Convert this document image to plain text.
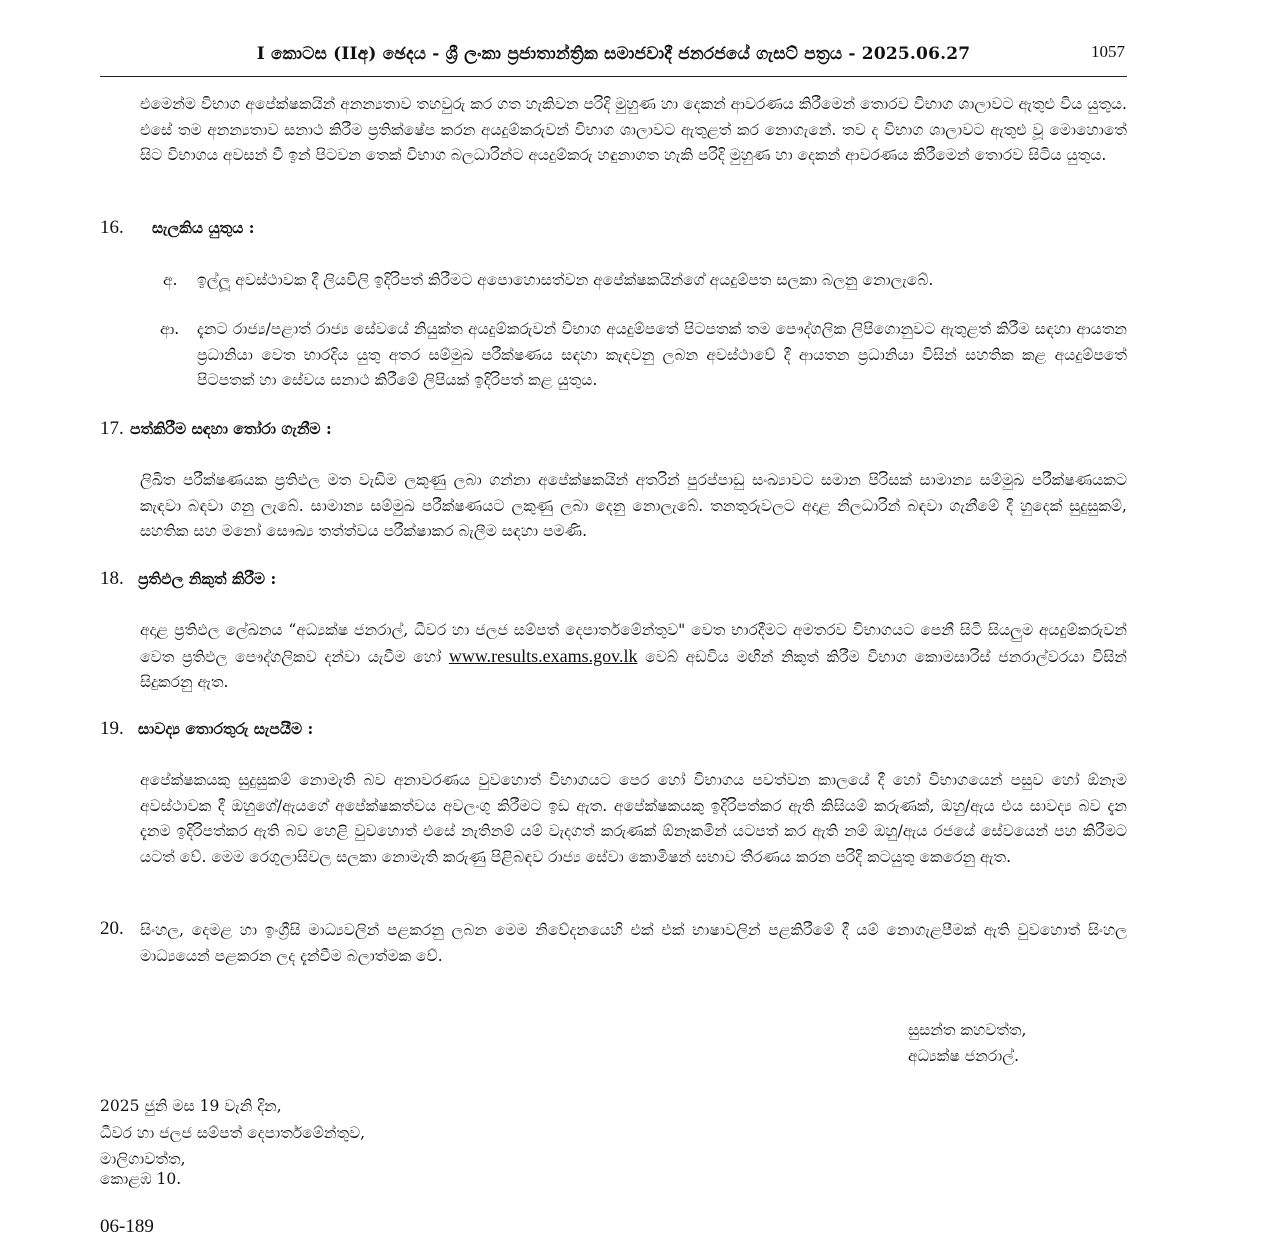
I කොටස (IIඅ) ඡෙදය - ශ්‍රී ලංකා ප්‍රජාතාන්ත්‍රික සමාජවාදී ජනරජයේ ගැසට් පත්‍රය - 2025.06.27	1057

එමෙන්ම විභාග අපේක්ෂකයින් අනන්‍යතාව තහවුරු කර ගත හැකිවන පරිදි මුහුණ හා දෙකන් ආවරණය කිරීමෙන් තොරව විභාග ශාලාවට ඇතුළු විය යුතුය. එසේ තම අනන්‍යතාව සනාථ කිරීම ප්‍රතික්ෂේප කරන අයදුම්කරුවන් විභාග ශාලාවට ඇතුළත් කර නොගැනේ. තව ද විභාග ශාලාවට ඇතුළු වූ මොහොතේ සිට විභාගය අවසන් වී ඉන් පිටවන තෙක් විභාග බලධාරින්ට අයදුම්කරු හඳුනාගත හැකි පරිදි මුහුණ හා දෙකන් ආවරණය කිරීමෙන් තොරව සිටිය යුතුය.

16. සැලකිය යුතුය :
අ. ඉල්ලූ අවස්ථාවක දී ලියවිලි ඉදිරිපත් කිරීමට අපොහොසත්වන අපේක්ෂකයින්ගේ අයදුම්පත සලකා බලනු නොලැබේ.

ආ. දැනට රාජ්‍ය/පළාත් රාජ්‍ය සේවයේ නියුක්ත අයදුම්කරුවන් විභාග අයදුම්පතේ පිටපතක් තම පෞද්ගලික ලිපිගොනුවට ඇතුළත් කිරීම සඳහා ආයතන ප්‍රධානියා වෙත භාරදිය යුතු අතර සම්මුඛ පරීක්ෂණය සඳහා කැඳවනු ලබන අවස්ථාවේ දී ආයතන ප්‍රධානියා විසින් සහතික කළ අයදුම්පතේ පිටපතක් හා සේවය සනාථ කිරීමේ ලිපියක් ඉදිරිපත් කළ යුතුය.

17. පත්කිරීම සඳහා තෝරා ගැනීම :

ලිඛිත පරීක්ෂණයක ප්‍රතිඵල මත වැඩිම ලකුණු ලබා ගන්නා අපේක්ෂකයින් අතරින් පුරප්පාඩු සංඛ්‍යාවට සමාන පිරිසක් සාමාන්‍ය සම්මුඛ පරීක්ෂණයකට කැඳවා බඳවා ගනු ලැබේ. සාමාන්‍ය සම්මුඛ පරීක්ෂණයට ලකුණු ලබා දෙනු නොලැබේ. තනතුරුවලට අදාළ නිලධාරින් බඳවා ගැනීමේ දී හුදෙක් සුදුසුකම්, සහතික සහ මනෝ සෞඛ්‍ය තත්ත්වය පරීක්ෂාකර බැලීම සඳහා පමණි.

18. ප්‍රතිඵල නිකුත් කිරීම :

අදාළ ප්‍රතිඵල ලේඛනය “අධ්‍යක්ෂ ජනරාල්, ධීවර හා ජලජ සම්පත් දෙපාර්තමේන්තුව" වෙත භාරදීමට අමතරව විභාගයට පෙනී සිටි සියලුම අයදුම්කරුවන් වෙත ප්‍රතිඵල පෞද්ගලිකව දන්වා යැවීම හෝ www.results.exams.gov.lk වෙබ් අඩවිය මඟින් නිකුත් කිරීම විභාග කොමසාරිස් ජනරාල්වරයා විසින් සිදුකරනු ඇත.

19. සාවද්‍ය තොරතුරු සැපයීම :

අපේක්ෂකයකු සුදුසුකම් නොමැති බව අනාවරණය වුවහොත් විභාගයට පෙර හෝ විභාගය පවත්වන කාලයේ දී හෝ විභාගයෙන් පසුව හෝ ඕනෑම අවස්ථාවක දී ඔහුගේ/ඇයගේ අපේක්ෂකත්වය අවලංගු කිරීමට ඉඩ ඇත. අපේක්ෂකයකු ඉදිරිපත්කර ඇති කිසියම් කරුණක්, ඔහු/ඇය එය සාවද්‍ය බව දැන දැනම ඉදිරිපත්කර ඇති බව හෙළි වුවහොත් එසේ නැතිනම් යම් වැදගත් කරුණක් ඕනෑකමින් යටපත් කර ඇති නම් ඔහු/ඇය රජයේ සේවයෙන් පහ කිරීමට යටත් වේ. මෙම රෙගුලාසිවල සලකා නොමැති කරුණු පිළිබඳව රාජ්‍ය සේවා කොමිෂන් සභාව තීරණය කරන පරිදි කටයුතු කෙරෙනු ඇත.

20. සිංහල, දෙමළ හා ඉංග්‍රීසි මාධ්‍යවලින් පළකරනු ලබන මෙම නිවේදනයෙහි එක් එක් භාෂාවලින් පළකිරීමේ දී යම් නොගැළපීමක් ඇති වුවහොත් සිංහල මාධ්‍යයෙන් පළකරන ලද දැන්වීම බලාත්මක වේ.

සුසන්ත කහවත්ත,
අධ්‍යක්ෂ ජනරාල්.
2025 ජුනි මස 19 වැනි දින,
ධීවර හා ජලජ සම්පත් දෙපාර්තමේන්තුව,
මාලිගාවත්ත,
කොළඹ 10.
06-189
